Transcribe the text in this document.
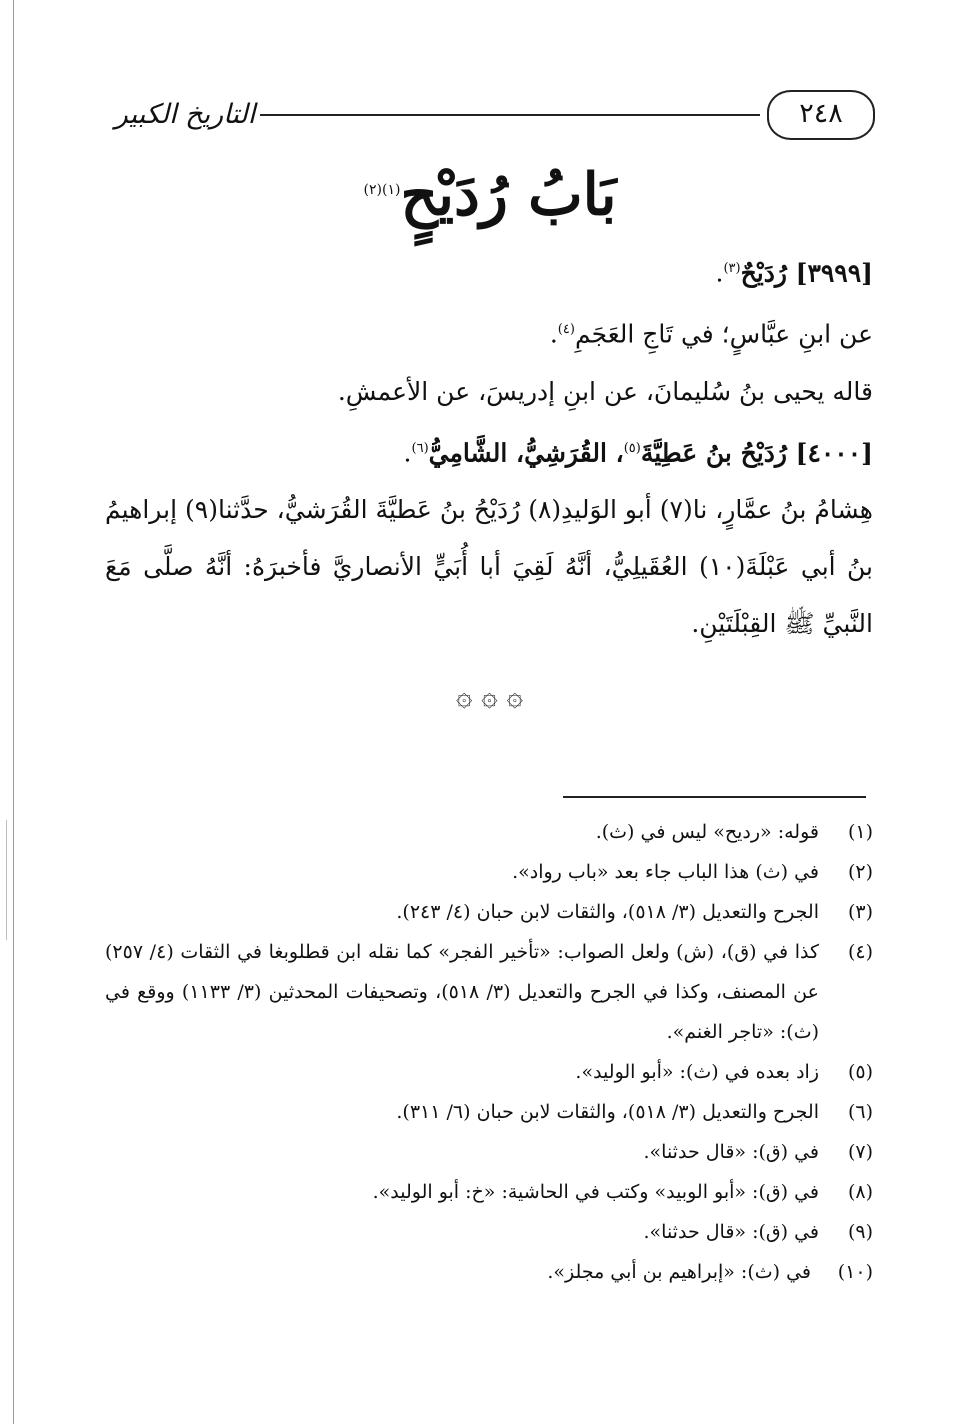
التاريخ الكبير	٢٤٨
بَابُ رُدَيْحٍ$^{(١)(٢)}$

[٣٩٩٩] رُدَيْحٌ$^{(٣)}$.

عن ابنِ عبَّاسٍ؛ في تَاجِ العَجَمِ$^{(٤)}$.

قاله يحيى بنُ سُليمانَ، عن ابنِ إدريسَ، عن الأعمشِ.

[٤٠٠٠] رُدَيْحُ بنُ عَطِيَّةَ$^{(٥)}$، القُرَشِيُّ، الشَّامِيُّ$^{(٦)}$.

هِشامُ بنُ عمَّارٍ، نا(٧) أبو الوَليدِ(٨) رُدَيْحُ بنُ عَطيَّةَ القُرَشيُّ، حدَّثنا(٩) إبراهيمُ بنُ أبي عَبْلَةَ(١٠) العُقَيلِيُّ، أنَّهُ لَقِيَ أبا أُبَيٍّ الأنصاريَّ فأخبرَهُ: أنَّهُ صلَّى مَعَ النَّبيِّ ﷺ القِبْلَتَيْنِ.

۞ ۞ ۞
(١)
قوله: «رديح» ليس في (ث).
(٢)
في (ث) هذا الباب جاء بعد «باب رواد».
(٣)
الجرح والتعديل (٣/ ٥١٨)، والثقات لابن حبان (٤/ ٢٤٣).
(٤)
كذا في (ق)، (ش) ولعل الصواب: «تأخير الفجر» كما نقله ابن قطلوبغا في الثقات (٤/ ٢٥٧) عن المصنف، وكذا في الجرح والتعديل (٣/ ٥١٨)، وتصحيفات المحدثين (٣/ ١١٣٣) ووقع في (ث): «تاجر الغنم».
(٥)
زاد بعده في (ث): «أبو الوليد».
(٦)
الجرح والتعديل (٣/ ٥١٨)، والثقات لابن حبان (٦/ ٣١١).
(٧)
في (ق): «قال حدثنا».
(٨)
في (ق): «أبو الوبيد» وكتب في الحاشية: «خ: أبو الوليد».
(٩)
في (ق): «قال حدثنا».
(١٠)
في (ث): «إبراهيم بن أبي مجلز».
